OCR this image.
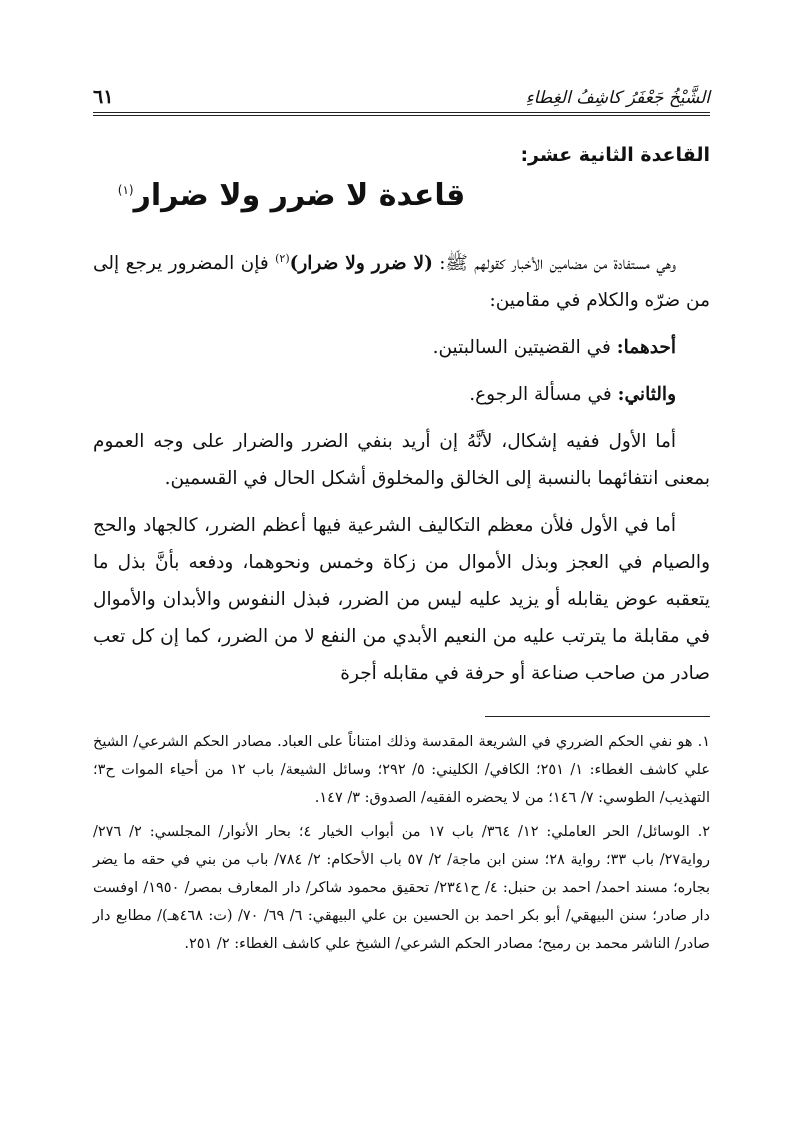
الشَّيْخُ جَعْفَرُ كاشِفُ الغِطاءِ
٦١
القاعدة الثانية عشر:
قاعدة لا ضرر ولا ضرار$^{(١)}$

وهي مستفادة من مضامين الأخبار كقولهم ﷺ: (لا ضرر ولا ضرار)$^{(٢)}$ فإن المضرور يرجع إلى من ضرّه والكلام في مقامين:

أحدهما: في القضيتين السالبتين.

والثاني: في مسألة الرجوع.

أما الأول ففيه إشكال، لأنَّهُ إن أريد بنفي الضرر والضرار على وجه العموم بمعنى انتفائهما بالنسبة إلى الخالق والمخلوق أشكل الحال في القسمين.

أما في الأول فلأن معظم التكاليف الشرعية فيها أعظم الضرر، كالجهاد والحج والصيام في العجز وبذل الأموال من زكاة وخمس ونحوهما، ودفعه بأنَّ بذل ما يتعقبه عوض يقابله أو يزيد عليه ليس من الضرر، فبذل النفوس والأبدان والأموال في مقابلة ما يترتب عليه من النعيم الأبدي من النفع لا من الضرر، كما إن كل تعب صادر من صاحب صناعة أو حرفة في مقابله أجرة

١. هو نفي الحكم الضرري في الشريعة المقدسة وذلك امتناناً على العباد. مصادر الحكم الشرعي/ الشيخ علي كاشف الغطاء: ١/ ٢٥١؛ الكافي/ الكليني: ٥/ ٢٩٢؛ وسائل الشيعة/ باب ١٢ من أحياء الموات ح٣؛ التهذيب/ الطوسي: ٧/ ١٤٦؛ من لا يحضره الفقيه/ الصدوق: ٣/ ١٤٧.

٢. الوسائل/ الحر العاملي: ١٢/ ٣٦٤/ باب ١٧ من أبواب الخيار ٤؛ بحار الأنوار/ المجلسي: ٢/ ٢٧٦/ رواية٢٧/ باب ٣٣؛ رواية ٢٨؛ سنن ابن ماجة/ ٢/ ٥٧ باب الأحكام: ٢/ ٧٨٤/ باب من بني في حقه ما يضر بجاره؛ مسند احمد/ احمد بن حنبل: ٤/ ح٢٣٤١/ تحقيق محمود شاكر/ دار المعارف بمصر/ ١٩٥٠/ اوفست دار صادر؛ سنن البيهقي/ أبو بكر احمد بن الحسين بن علي البيهقي: ٦/ ٦٩/ ٧٠/ (ت: ٤٦٨هـ)/ مطابع دار صادر/ الناشر محمد بن رميح؛ مصادر الحكم الشرعي/ الشيخ علي كاشف الغطاء: ٢/ ٢٥١.
